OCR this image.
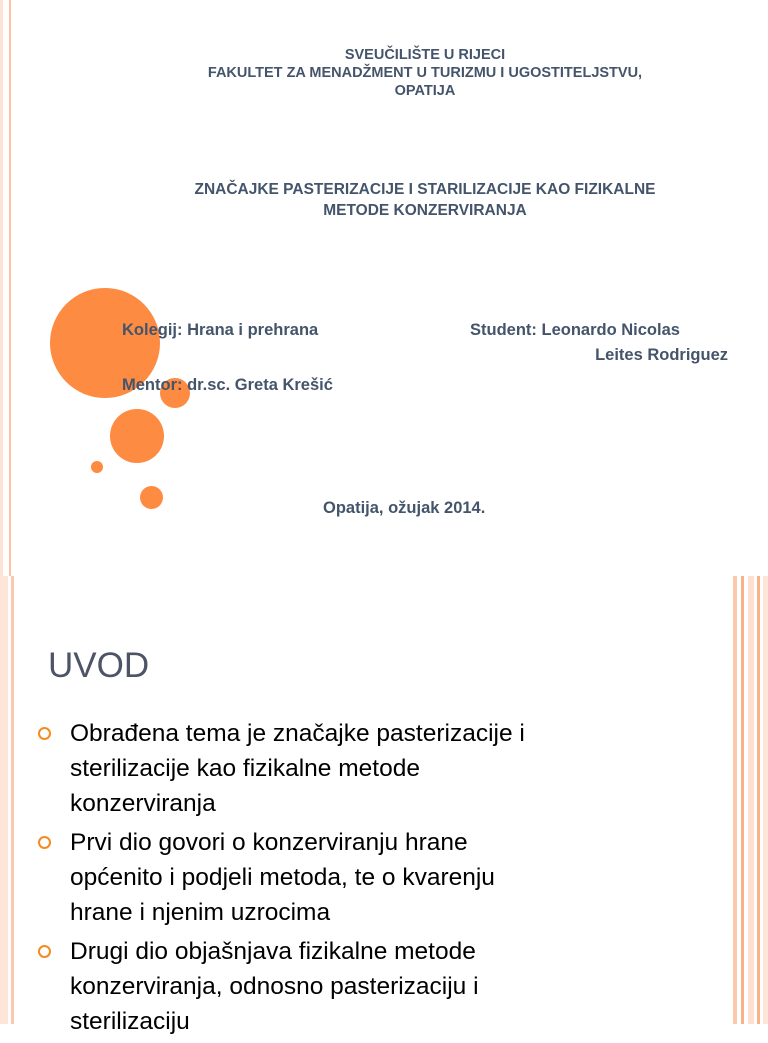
SVEUČILIŠTE U RIJECI
FAKULTET ZA MENADŽMENT U TURIZMU I UGOSTITELJSTVU,
OPATIJA
ZNAČAJKE PASTERIZACIJE I STARILIZACIJE KAO FIZIKALNE
METODE KONZERVIRANJA
Kolegij: Hrana i prehrana	Student: Leonardo Nicolas
Leites Rodriguez
Mentor: dr.sc. Greta Krešić
Opatija, ožujak 2014.
UVOD
Obrađena tema je značajke pasterizacije i
sterilizacije kao fizikalne metode
konzerviranja
Prvi dio govori o konzerviranju hrane
općenito i podjeli metoda, te o kvarenju
hrane i njenim uzrocima
Drugi dio objašnjava fizikalne metode
konzerviranja, odnosno pasterizaciju i
sterilizaciju
